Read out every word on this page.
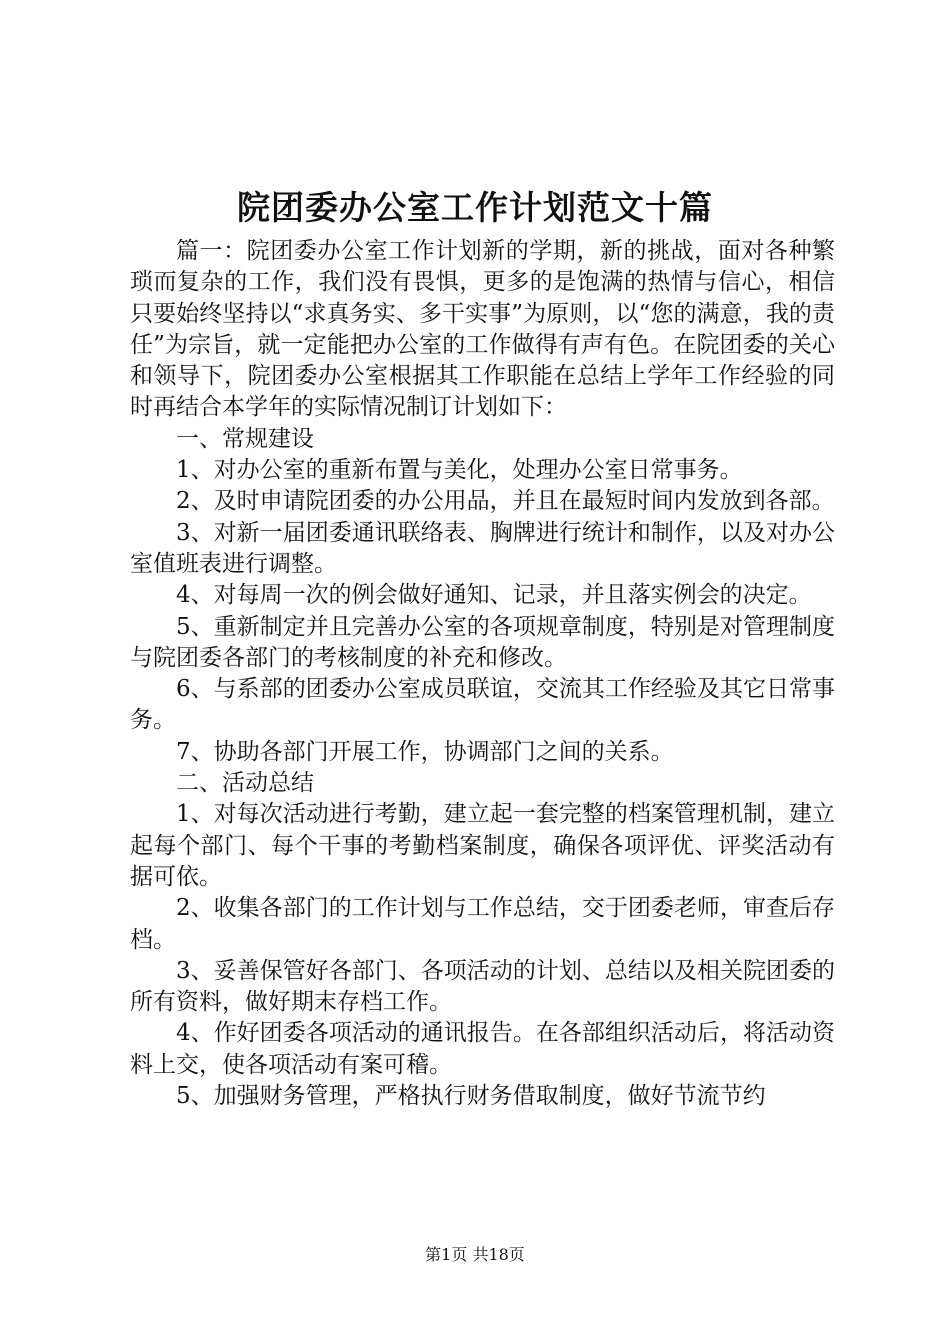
院团委办公室工作计划范文十篇

篇一：院团委办公室工作计划新的学期，新的挑战，面对各种繁琐而复杂的工作，我们没有畏惧，更多的是饱满的热情与信心，相信只要始终坚持以“求真务实、多干实事”为原则，以“您的满意，我的责任”为宗旨，就一定能把办公室的工作做得有声有色。在院团委的关心和领导下，院团委办公室根据其工作职能在总结上学年工作经验的同时再结合本学年的实际情况制订计划如下：

一、常规建设

1、对办公室的重新布置与美化，处理办公室日常事务。

2、及时申请院团委的办公用品，并且在最短时间内发放到各部。

3、对新一届团委通讯联络表、胸牌进行统计和制作，以及对办公室值班表进行调整。

4、对每周一次的例会做好通知、记录，并且落实例会的决定。

5、重新制定并且完善办公室的各项规章制度，特别是对管理制度与院团委各部门的考核制度的补充和修改。

6、与系部的团委办公室成员联谊，交流其工作经验及其它日常事务。

7、协助各部门开展工作，协调部门之间的关系。

二、活动总结

1、对每次活动进行考勤，建立起一套完整的档案管理机制，建立起每个部门、每个干事的考勤档案制度，确保各项评优、评奖活动有据可依。

2、收集各部门的工作计划与工作总结，交于团委老师，审查后存档。

3、妥善保管好各部门、各项活动的计划、总结以及相关院团委的所有资料，做好期末存档工作。

4、作好团委各项活动的通讯报告。在各部组织活动后，将活动资料上交，使各项活动有案可稽。

5、加强财务管理，严格执行财务借取制度，做好节流节约

第1页 共18页
